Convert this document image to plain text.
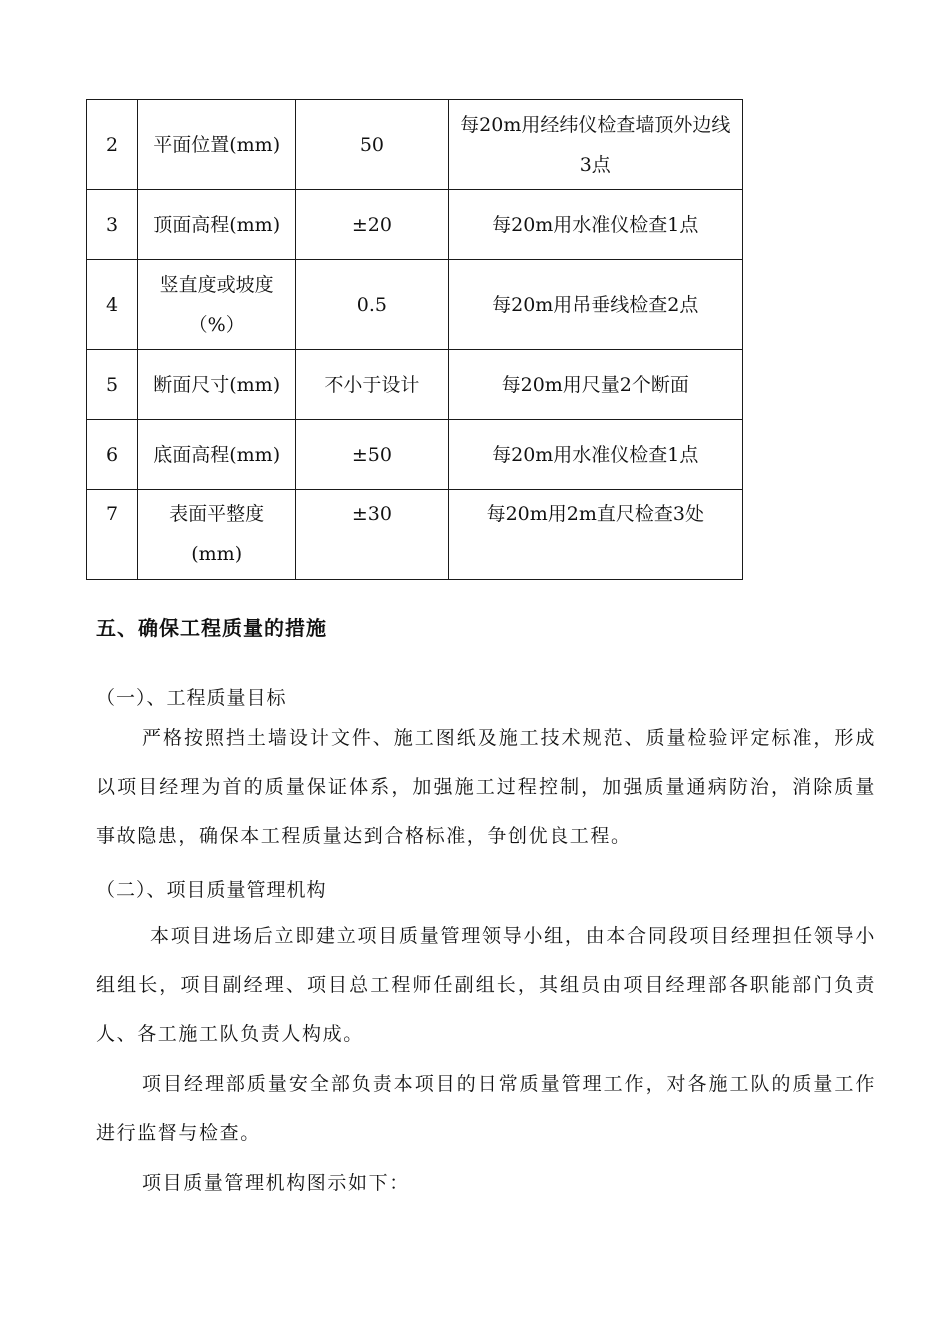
2	平面位置(mm)	50	每20m用经纬仪检查墙顶外边线3点
3	顶面高程(mm)	±20	每20m用水准仪检查1点
4	竖直度或坡度（%）	0.5	每20m用吊垂线检查2点
5	断面尺寸(mm)	不小于设计	每20m用尺量2个断面
6	底面高程(mm)	±50	每20m用水准仪检查1点
7	表面平整度(mm)	±30	每20m用2m直尺检查3处
五、确保工程质量的措施

（一）、工程质量目标

严格按照挡土墙设计文件、施工图纸及施工技术规范、质量检验评定标准，形成以项目经理为首的质量保证体系，加强施工过程控制，加强质量通病防治，消除质量事故隐患，确保本工程质量达到合格标准，争创优良工程。

（二）、项目质量管理机构

本项目进场后立即建立项目质量管理领导小组，由本合同段项目经理担任领导小组组长，项目副经理、项目总工程师任副组长，其组员由项目经理部各职能部门负责人、各工施工队负责人构成。

项目经理部质量安全部负责本项目的日常质量管理工作，对各施工队的质量工作进行监督与检查。

项目质量管理机构图示如下：
